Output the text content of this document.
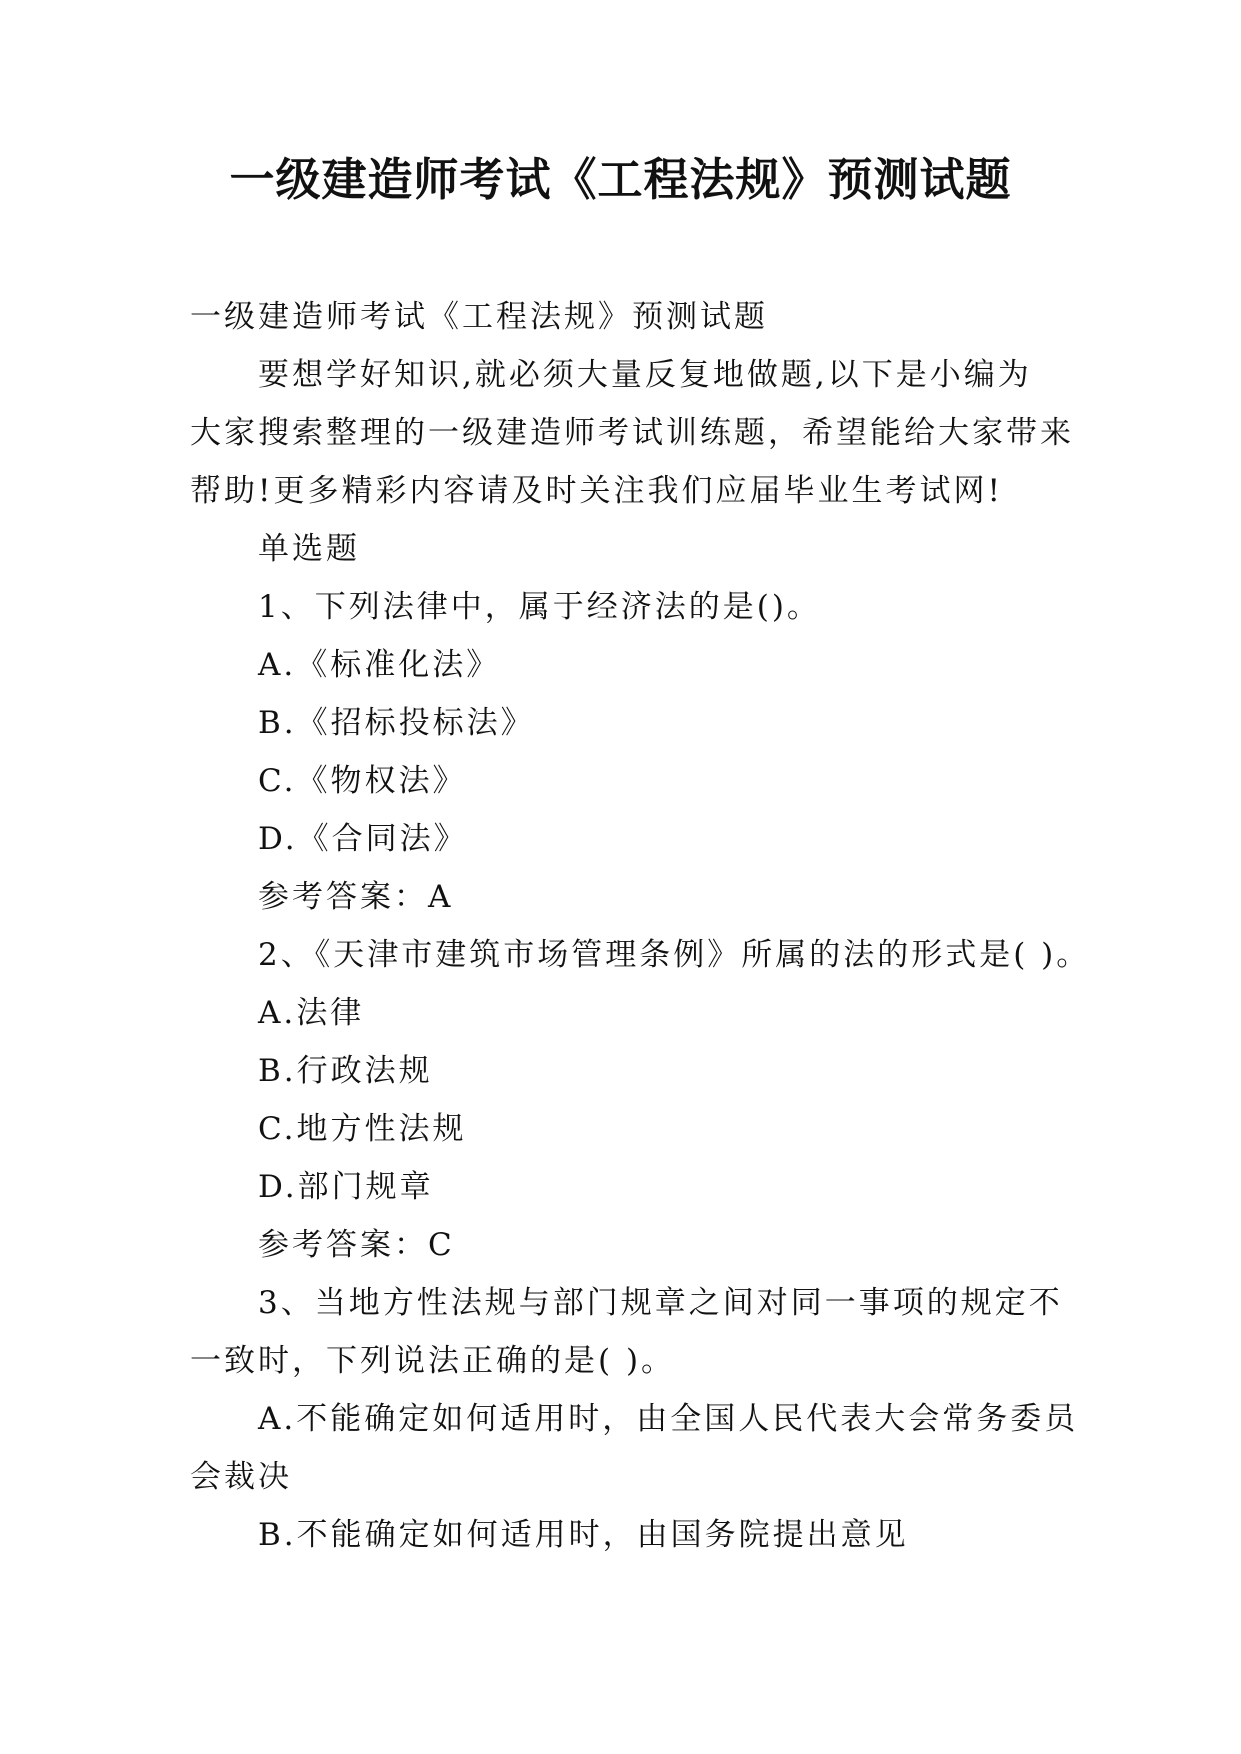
一级建造师考试《工程法规》预测试题
一级建造师考试《工程法规》预测试题
要想学好知识,就必须大量反复地做题,以下是小编为
大家搜索整理的一级建造师考试训练题，希望能给大家带来
帮助!更多精彩内容请及时关注我们应届毕业生考试网!
单选题
1、下列法律中，属于经济法的是()。
A.《标准化法》
B.《招标投标法》
C.《物权法》
D.《合同法》
参考答案：A
2、《天津市建筑市场管理条例》所属的法的形式是( )。
A.法律
B.行政法规
C.地方性法规
D.部门规章
参考答案：C
3、当地方性法规与部门规章之间对同一事项的规定不
一致时，下列说法正确的是( )。
A.不能确定如何适用时，由全国人民代表大会常务委员
会裁决
B.不能确定如何适用时，由国务院提出意见
